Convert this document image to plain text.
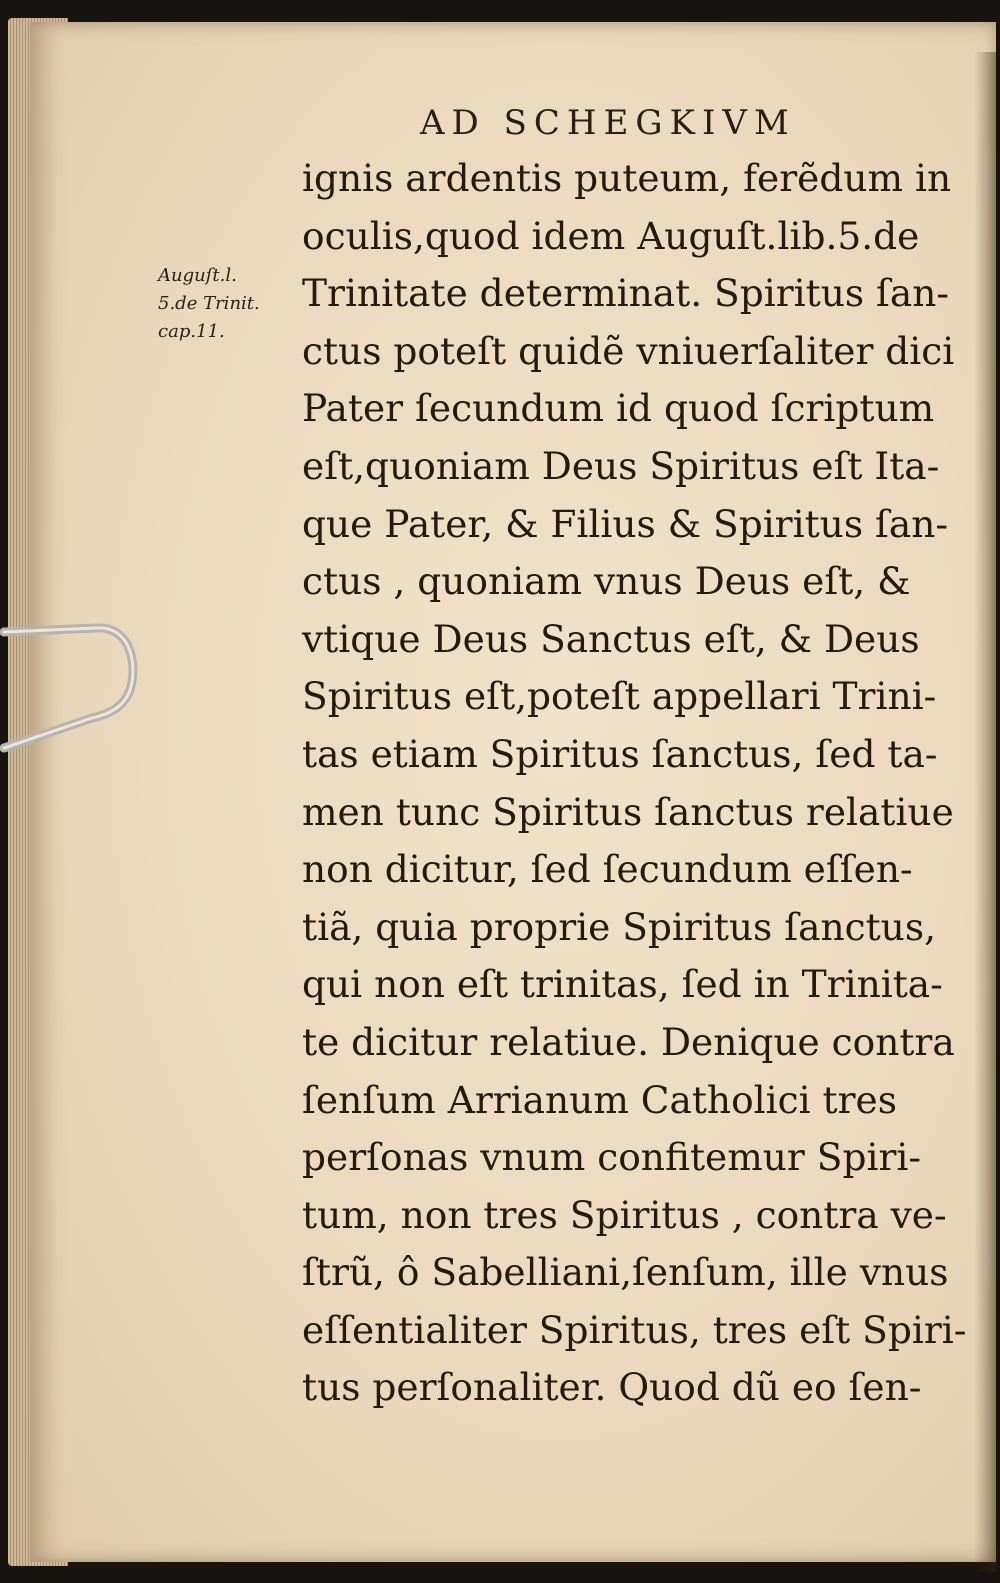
AD SCHEGKIVM
Auguſt.l.
5.de Trinit.
cap.11.
ignis ardentis puteum, ferẽdum in
oculis,quod idem Auguſt.lib.5.de
Trinitate determinat. Spiritus ſan-
ctus poteſt quidẽ vniuerſaliter dici
Pater ſecundum id quod ſcriptum
eſt,quoniam Deus Spiritus eſt Ita-
que Pater, & Filius & Spiritus ſan-
ctus , quoniam vnus Deus eſt, &
vtique Deus Sanctus eſt, & Deus
Spiritus eſt,poteſt appellari Trini-
tas etiam Spiritus ſanctus, ſed ta-
men tunc Spiritus ſanctus relatiue
non dicitur, ſed ſecundum eſſen-
tiã, quia proprie Spiritus ſanctus,
qui non eſt trinitas, ſed in Trinita-
te dicitur relatiue. Denique contra
ſenſum Arrianum Catholici tres
perſonas vnum confitemur Spiri-
tum, non tres Spiritus , contra ve-
ſtrũ, ô Sabelliani,ſenſum, ille vnus
eſſentialiter Spiritus, tres eſt Spiri-
tus perſonaliter. Quod dũ eo ſen-
